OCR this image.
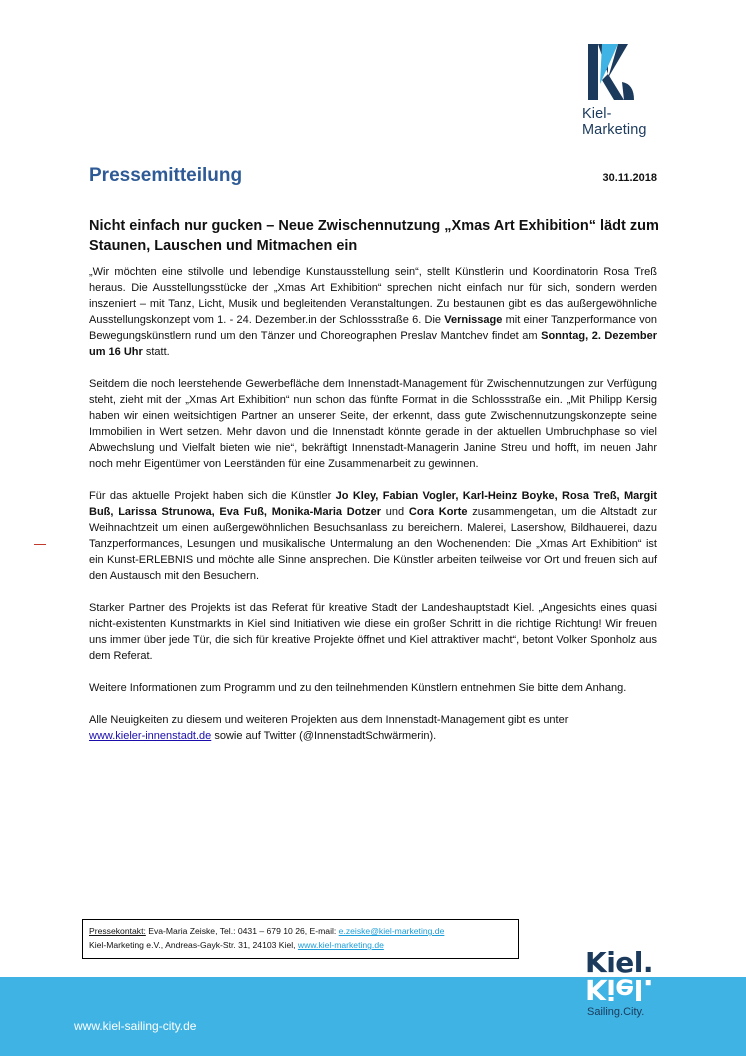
Kiel-Marketing
Pressemitteilung	30.11.2018
Nicht einfach nur gucken – Neue Zwischennutzung „Xmas Art Exhibition“ lädt zum Staunen, Lauschen und Mitmachen ein

„Wir möchten eine stilvolle und lebendige Kunstausstellung sein“, stellt Künstlerin und Koordinatorin Rosa Treß heraus. Die Ausstellungsstücke der „Xmas Art Exhibition“ sprechen nicht einfach nur für sich, sondern werden inszeniert – mit Tanz, Licht, Musik und begleitenden Veranstaltungen. Zu bestaunen gibt es das außergewöhnliche Ausstellungskonzept vom 1. - 24. Dezember.in der Schlossstraße 6. Die Vernissage mit einer Tanzperformance von Bewegungskünstlern rund um den Tänzer und Choreographen Preslav Mantchev findet am Sonntag, 2. Dezember um 16 Uhr statt.

Seitdem die noch leerstehende Gewerbefläche dem Innenstadt-Management für Zwischennutzungen zur Verfügung steht, zieht mit der „Xmas Art Exhibition“ nun schon das fünfte Format in die Schlossstraße ein. „Mit Philipp Kersig haben wir einen weitsichtigen Partner an unserer Seite, der erkennt, dass gute Zwischennutzungskonzepte seine Immobilien in Wert setzen. Mehr davon und die Innenstadt könnte gerade in der aktuellen Umbruchphase so viel Abwechslung und Vielfalt bieten wie nie“, bekräftigt Innenstadt-Managerin Janine Streu und hofft, im neuen Jahr noch mehr Eigentümer von Leerständen für eine Zusammenarbeit zu gewinnen.

Für das aktuelle Projekt haben sich die Künstler Jo Kley, Fabian Vogler, Karl-Heinz Boyke, Rosa Treß, Margit Buß, Larissa Strunowa, Eva Fuß, Monika-Maria Dotzer und Cora Korte zusammengetan, um die Altstadt zur Weihnachtzeit um einen außergewöhnlichen Besuchsanlass zu bereichern. Malerei, Lasershow, Bildhauerei, dazu Tanzperformances, Lesungen und musikalische Untermalung an den Wochenenden: Die „Xmas Art Exhibition“ ist ein Kunst-ERLEBNIS und möchte alle Sinne ansprechen. Die Künstler arbeiten teilweise vor Ort und freuen sich auf den Austausch mit den Besuchern.

Starker Partner des Projekts ist das Referat für kreative Stadt der Landeshauptstadt Kiel. „Angesichts eines quasi nicht-existenten Kunstmarkts in Kiel sind Initiativen wie diese ein großer Schritt in die richtige Richtung! Wir freuen uns immer über jede Tür, die sich für kreative Projekte öffnet und Kiel attraktiver macht“, betont Volker Sponholz aus dem Referat.

Weitere Informationen zum Programm und zu den teilnehmenden Künstlern entnehmen Sie bitte dem Anhang.

Alle Neuigkeiten zu diesem und weiteren Projekten aus dem Innenstadt-Management gibt es unter
www.kieler-innenstadt.de sowie auf Twitter (@InnenstadtSchwärmerin).

Pressekontakt: Eva-Maria Zeiske, Tel.: 0431 – 679 10 26, E-mail: e.zeiske@kiel-marketing.de
Kiel-Marketing e.V., Andreas-Gayk-Str. 31, 24103 Kiel, www.kiel-marketing.de
www.kiel-sailing-city.de
Kiel.
Kiel.
Sailing.City.
